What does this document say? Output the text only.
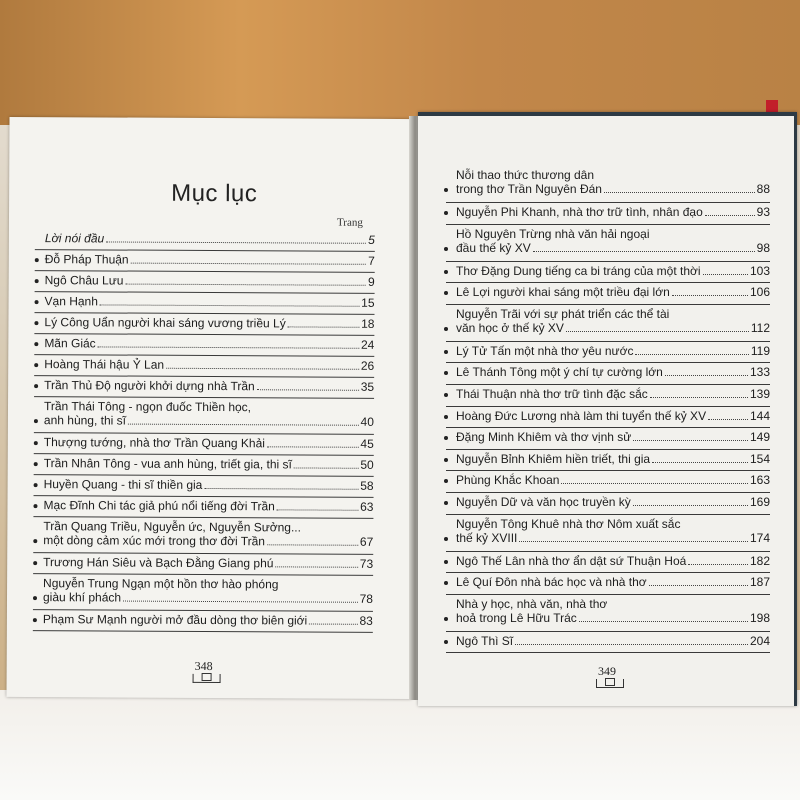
Mục lục
Trang
Lời nói đầu	5
Đỗ Pháp Thuận	7
Ngô Châu Lưu	9
Vạn Hạnh	15
Lý Công Uẩn người khai sáng vương triều Lý	18
Mãn Giác	24
Hoàng Thái hậu Ỷ Lan	26
Trần Thủ Độ người khởi dựng nhà Trần	35
Trần Thái Tông - ngọn đuốc Thiền học,
anh hùng, thi sĩ	40
Thượng tướng, nhà thơ Trần Quang Khải	45
Trần Nhân Tông - vua anh hùng, triết gia, thi sĩ	50
Huyền Quang - thi sĩ thiền gia	58
Mạc Đĩnh Chi tác giả phú nổi tiếng đời Trần	63
Trần Quang Triều, Nguyễn ức, Nguyễn Sưởng...
một dòng cảm xúc mới trong thơ đời Trần	67
Trương Hán Siêu và Bạch Đằng Giang phú	73
Nguyễn Trung Ngạn một hồn thơ hào phóng
giàu khí phách	78
Phạm Sư Mạnh người mở đầu dòng thơ biên giới	83
348
Nỗi thao thức thương dân
trong thơ Trần Nguyên Đán	88
Nguyễn Phi Khanh, nhà thơ trữ tình, nhân đạo	93
Hồ Nguyên Trừng nhà văn hải ngoại
đầu thế kỷ XV	98
Thơ Đặng Dung tiếng ca bi tráng của một thời	103
Lê Lợi người khai sáng một triều đại lớn	106
Nguyễn Trãi với sự phát triển các thể tài
văn học ở thế kỷ XV	112
Lý Tử Tấn một nhà thơ yêu nước	119
Lê Thánh Tông một ý chí tự cường lớn	133
Thái Thuận nhà thơ trữ tình đặc sắc	139
Hoàng Đức Lương nhà làm thi tuyển thế kỷ XV	144
Đặng Minh Khiêm và thơ vịnh sử	149
Nguyễn Bỉnh Khiêm hiền triết, thi gia	154
Phùng Khắc Khoan	163
Nguyễn Dữ và văn học truyền kỳ	169
Nguyễn Tông Khuê nhà thơ Nôm xuất sắc
thế kỷ XVIII	174
Ngô Thế Lân nhà thơ ẩn dật sứ Thuận Hoá	182
Lê Quí Đôn nhà bác học và nhà thơ	187
Nhà y học, nhà văn, nhà thơ
hoả trong Lê Hữu Trác	198
Ngô Thì Sĩ	204
349
